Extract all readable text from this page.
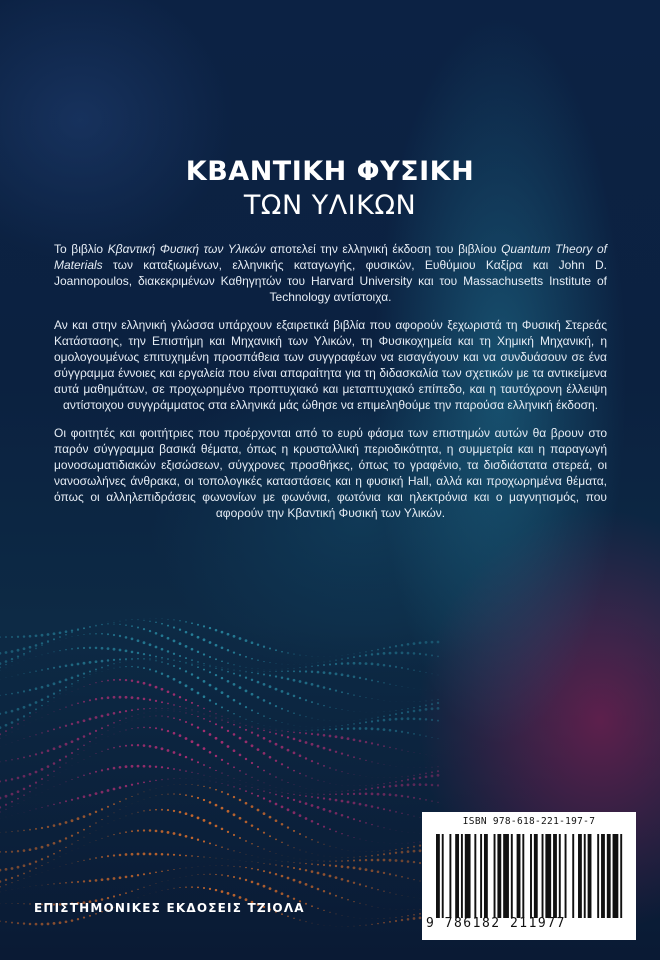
ΚΒΑΝΤΙΚΗ ΦΥΣΙΚΗ
ΤΩΝ ΥΛΙΚΩΝ

Το βιβλίο Κβαντική Φυσική των Υλικών αποτελεί την ελληνική έκδοση του βιβλίου Quantum Theory of Materials των καταξιωμένων, ελληνικής καταγωγής, φυσικών, Ευθύμιου Καξίρα και John D. Joannopoulos, διακεκριμένων Καθηγητών του Harvard University και του Massachusetts Institute of Technology αντίστοιχα.

Αν και στην ελληνική γλώσσα υπάρχουν εξαιρετικά βιβλία που αφορούν ξεχωριστά τη Φυσική Στερεάς Κατάστασης, την Επιστήμη και Μηχανική των Υλικών, τη Φυσικοχημεία και τη Χημική Μηχανική, η ομολογουμένως επιτυχημένη προσπάθεια των συγγραφέων να εισαγάγουν και να συνδυάσουν σε ένα σύγγραμμα έννοιες και εργαλεία που είναι απαραίτητα για τη διδασκαλία των σχετικών με τα αντικείμενα αυτά μαθημάτων, σε προχωρημένο προπτυχιακό και μεταπτυχιακό επίπεδο, και η ταυτόχρονη έλλειψη αντίστοιχου συγγράμματος στα ελληνικά μάς ώθησε να επιμεληθούμε την παρούσα ελληνική έκδοση.

Οι φοιτητές και φοιτήτριες που προέρχονται από το ευρύ φάσμα των επιστημών αυτών θα βρουν στο παρόν σύγγραμμα βασικά θέματα, όπως η κρυσταλλική περιοδικότητα, η συμμετρία και η παραγωγή μονοσωματιδιακών εξισώσεων, σύγχρονες προσθήκες, όπως το γραφένιο, τα δισδιάστατα στερεά, οι νανοσωλήνες άνθρακα, οι τοπολογικές καταστάσεις και η φυσική Hall, αλλά και προχωρημένα θέματα, όπως οι αλληλεπιδράσεις φωνονίων με φωνόνια, φωτόνια και ηλεκτρόνια και ο μαγνητισμός, που αφορούν την Κβαντική Φυσική των Υλικών.

ΕΠΙΣΤΗΜΟΝΙΚΕΣ ΕΚΔΟΣΕΙΣ ΤΖΙΟΛΑ
ISBN 978-618-221-197-7
9 786182 211977
